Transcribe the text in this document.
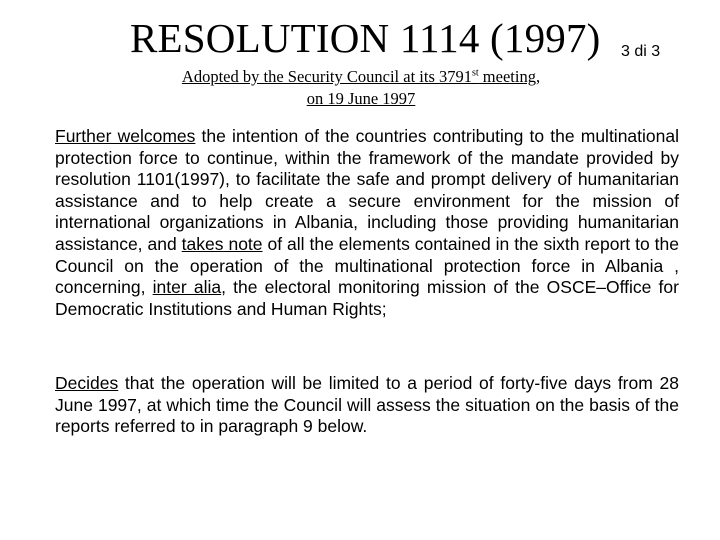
RESOLUTION 1114 (1997) 3 di 3
Adopted by the Security Council at its 3791st meeting,
on 19 June 1997
Further welcomes the intention of the countries contributing to the multinational protection force to continue, within the framework of the mandate provided by resolution 1101(1997), to facilitate the safe and prompt delivery of humanitarian assistance and to help create a secure environment for the mission of international organizations in Albania, including those providing humanitarian assistance, and takes note of all the elements contained in the sixth report to the Council on the operation of the multinational protection force in Albania , concerning, inter alia, the electoral monitoring mission of the OSCE–Office for Democratic Institutions and Human Rights;
Decides that the operation will be limited to a period of forty-five days from 28 June 1997, at which time the Council will assess the situation on the basis of the reports referred to in paragraph 9 below.
